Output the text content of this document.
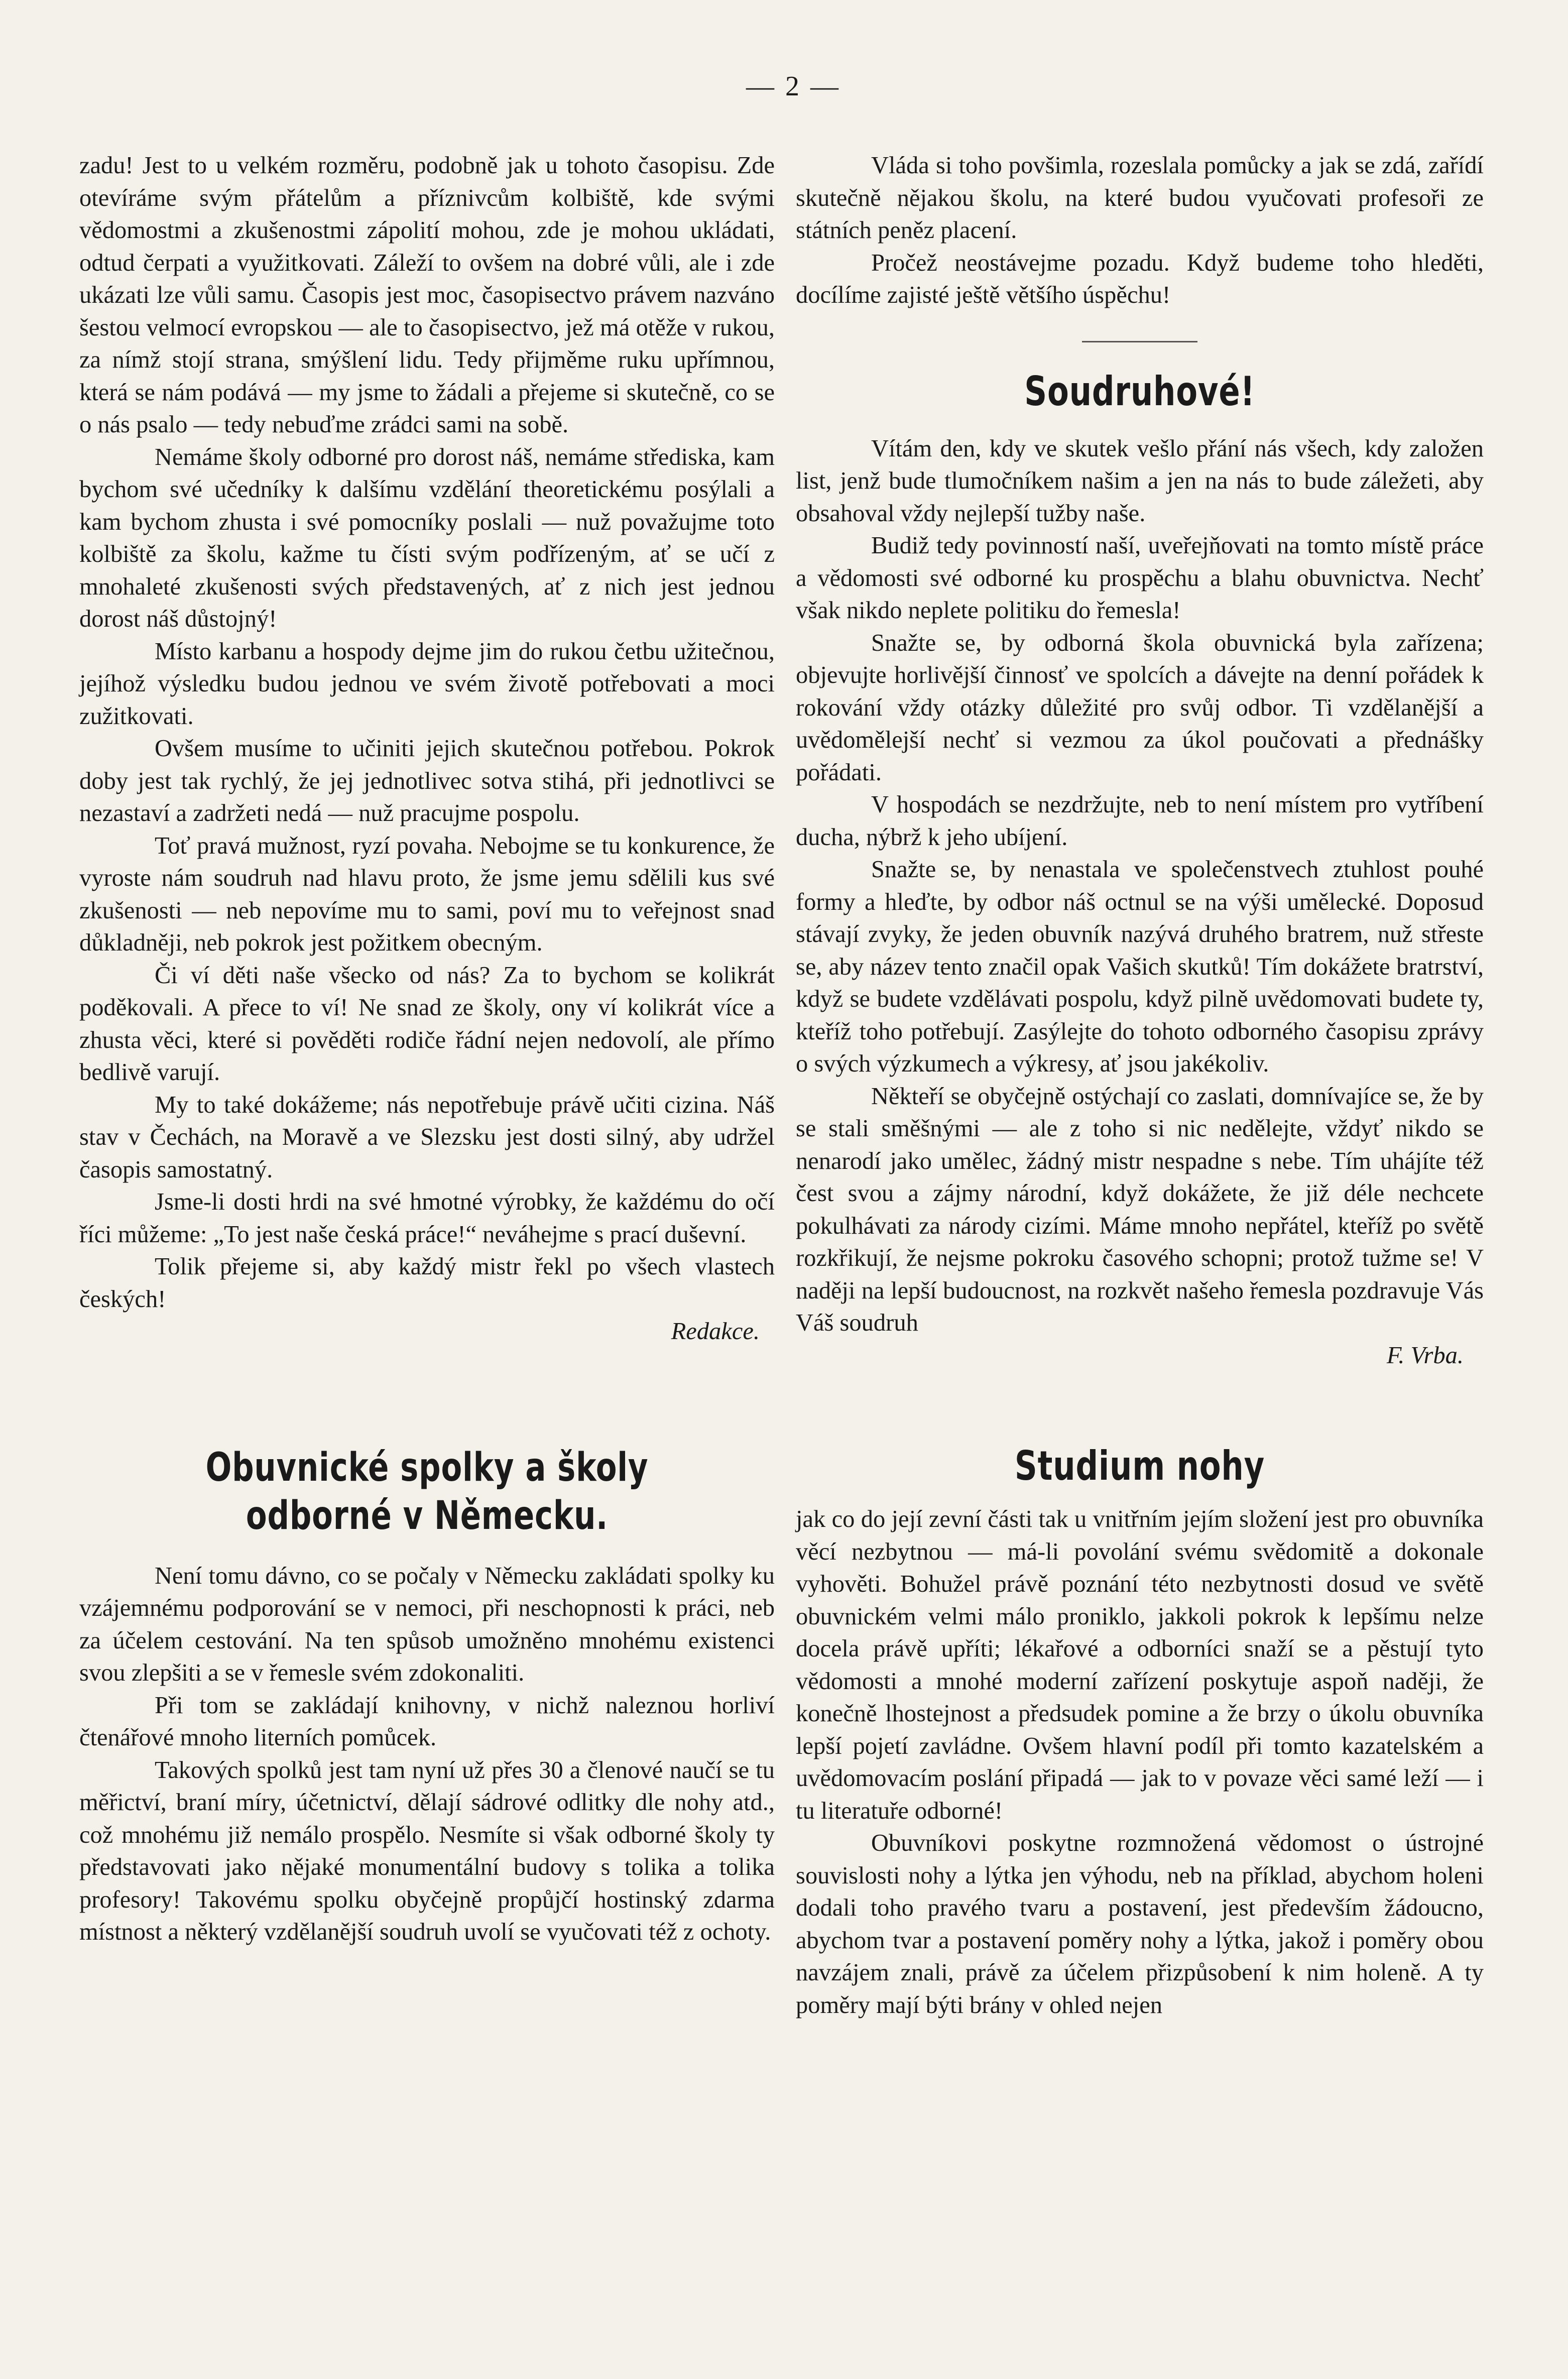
— 2 —

zadu! Jest to u velkém rozměru, podobně jak u tohoto časopisu. Zde otevíráme svým přátelům a příznivcům kolbiště, kde svými vědomostmi a zkušenostmi zápolití mohou, zde je mohou ukládati, odtud čerpati a využitkovati. Záleží to ovšem na dobré vůli, ale i zde ukázati lze vůli samu. Časopis jest moc, časopisectvo právem nazváno šestou velmocí evropskou — ale to časopisectvo, jež má otěže v rukou, za nímž stojí strana, smýšlení lidu. Tedy přijměme ruku upřímnou, která se nám podává — my jsme to žádali a přejeme si skutečně, co se o nás psalo — tedy nebuďme zrádci sami na sobě.

Nemáme školy odborné pro dorost náš, nemáme střediska, kam bychom své učedníky k dalšímu vzdělání theoretickému posýlali a kam bychom zhusta i své pomocníky poslali — nuž považujme toto kolbiště za školu, kažme tu čísti svým podřízeným, ať se učí z mnohaleté zkušenosti svých představených, ať z nich jest jednou dorost náš důstojný!

Místo karbanu a hospody dejme jim do rukou četbu užitečnou, jejíhož výsledku budou jednou ve svém životě potřebovati a moci zužitkovati.

Ovšem musíme to učiniti jejich skutečnou potřebou. Pokrok doby jest tak rychlý, že jej jednotlivec sotva stihá, při jednotlivci se nezastaví a zadržeti nedá — nuž pracujme pospolu.

Toť pravá mužnost, ryzí povaha. Nebojme se tu konkurence, že vyroste nám soudruh nad hlavu proto, že jsme jemu sdělili kus své zkušenosti — neb nepovíme mu to sami, poví mu to veřejnost snad důkladněji, neb pokrok jest požitkem obecným.

Či ví děti naše všecko od nás? Za to bychom se kolikrát poděkovali. A přece to ví! Ne snad ze školy, ony ví kolikrát více a zhusta věci, které si pověděti rodiče řádní nejen nedovolí, ale přímo bedlivě varují.

My to také dokážeme; nás nepotřebuje právě učiti cizina. Náš stav v Čechách, na Moravě a ve Slezsku jest dosti silný, aby udržel časopis samostatný.

Jsme-li dosti hrdi na své hmotné výrobky, že každému do očí říci můžeme: „To jest naše česká práce!“ neváhejme s prací duševní.

Tolik přejeme si, aby každý mistr řekl po všech vlastech českých!

Redakce.

Obuvnické spolky a školy odborné v Německu.

Není tomu dávno, co se počaly v Německu zakládati spolky ku vzájemnému podporování se v nemoci, při neschopnosti k práci, neb za účelem cestování. Na ten spůsob umožněno mnohému existenci svou zlepšiti a se v řemesle svém zdokonaliti.

Při tom se zakládají knihovny, v nichž naleznou horliví čtenářové mnoho literních pomůcek.

Takových spolků jest tam nyní už přes 30 a členové naučí se tu měřictví, braní míry, účetnictví, dělají sádrové odlitky dle nohy atd., což mnohému již nemálo prospělo. Nesmíte si však odborné školy ty představovati jako nějaké monumentální budovy s tolika a tolika profesory! Takovému spolku obyčejně propůjčí hostinský zdarma místnost a některý vzdělanější soudruh uvolí se vyučovati též z ochoty.

Vláda si toho povšimla, rozeslala pomůcky a jak se zdá, zařídí skutečně nějakou školu, na které budou vyučovati profesoři ze státních peněz placení.

Pročež neostávejme pozadu. Když budeme toho hleděti, docílíme zajisté ještě většího úspěchu!

Soudruhové!

Vítám den, kdy ve skutek vešlo přání nás všech, kdy založen list, jenž bude tlumočníkem našim a jen na nás to bude záležeti, aby obsahoval vždy nejlepší tužby naše.

Budiž tedy povinností naší, uveřejňovati na tomto místě práce a vědomosti své odborné ku prospěchu a blahu obuvnictva. Nechť však nikdo neplete politiku do řemesla!

Snažte se, by odborná škola obuvnická byla zařízena; objevujte horlivější činnosť ve spolcích a dávejte na denní pořádek k rokování vždy otázky důležité pro svůj odbor. Ti vzdělanější a uvědomělejší nechť si vezmou za úkol poučovati a přednášky pořádati.

V hospodách se nezdržujte, neb to není místem pro vytříbení ducha, nýbrž k jeho ubíjení.

Snažte se, by nenastala ve společenstvech ztuhlost pouhé formy a hleďte, by odbor náš octnul se na výši umělecké. Doposud stávají zvyky, že jeden obuvník nazývá druhého bratrem, nuž střeste se, aby název tento značil opak Vašich skutků! Tím dokážete bratrství, když se budete vzdělávati pospolu, když pilně uvědomovati budete ty, kteříž toho potřebují. Zasýlejte do tohoto odborného časopisu zprávy o svých výzkumech a výkresy, ať jsou jakékoliv.

Někteří se obyčejně ostýchají co zaslati, domnívajíce se, že by se stali směšnými — ale z toho si nic nedělejte, vždyť nikdo se nenarodí jako umělec, žádný mistr nespadne s nebe. Tím uhájíte též čest svou a zájmy národní, když dokážete, že již déle nechcete pokulhávati za národy cizími. Máme mnoho nepřátel, kteříž po světě rozkřikují, že nejsme pokroku časového schopni; protož tužme se! V naději na lepší budoucnost, na rozkvět našeho řemesla pozdravuje Vás Váš soudruh

F. Vrba.

Studium nohy

jak co do její zevní části tak u vnitřním jejím složení jest pro obuvníka věcí nezbytnou — má-li povolání svému svědomitě a dokonale vyhověti. Bohužel právě poznání této nezbytnosti dosud ve světě obuvnickém velmi málo proniklo, jakkoli pokrok k lepšímu nelze docela právě upříti; lékařové a odborníci snaží se a pěstují tyto vědomosti a mnohé moderní zařízení poskytuje aspoň naději, že konečně lhostejnost a předsudek pomine a že brzy o úkolu obuvníka lepší pojetí zavládne. Ovšem hlavní podíl při tomto kazatelském a uvědomovacím poslání připadá — jak to v povaze věci samé leží — i tu literatuře odborné!

Obuvníkovi poskytne rozmnožená vědomost o ústrojné souvislosti nohy a lýtka jen výhodu, neb na příklad, abychom holeni dodali toho pravého tvaru a postavení, jest především žádoucno, abychom tvar a postavení poměry nohy a lýtka, jakož i poměry obou navzájem znali, právě za účelem přizpůsobení k nim holeně. A ty poměry mají býti brány v ohled nejen
